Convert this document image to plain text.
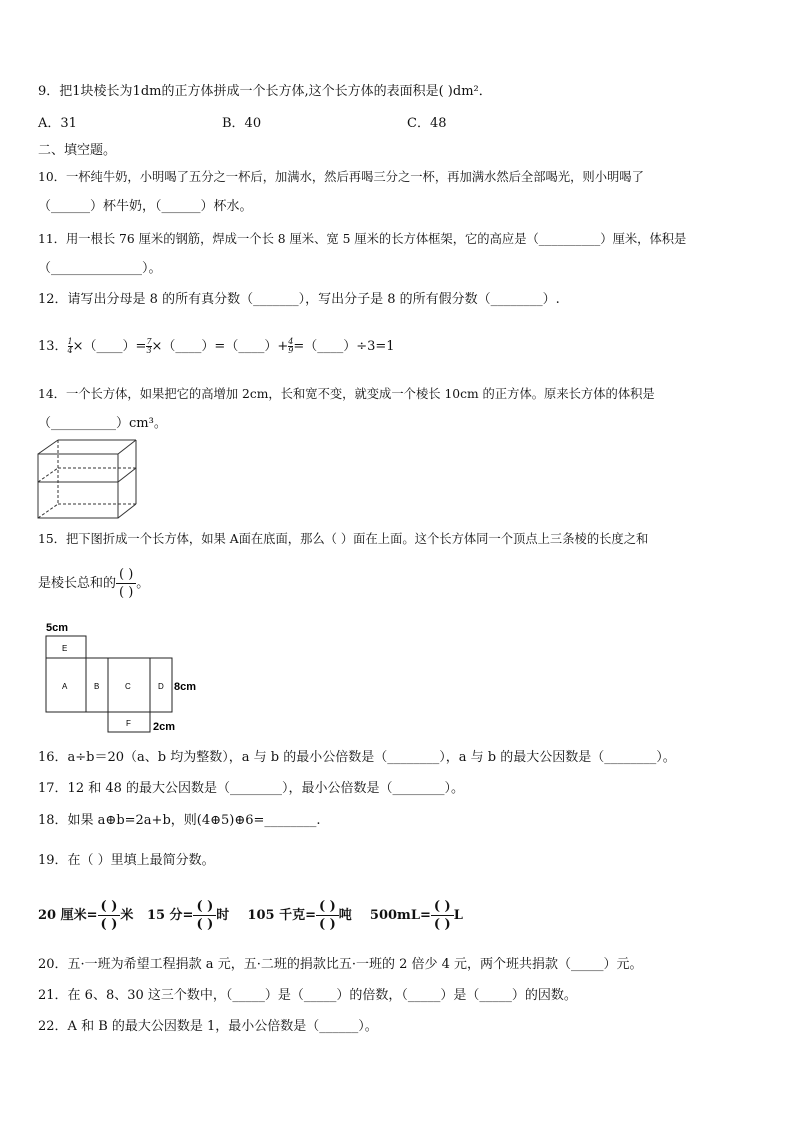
9．把1块棱长为1dm的正方体拼成一个长方体,这个长方体的表面积是( )dm²．
A．31	B．40	C．48
二、填空题。
10．一杯纯牛奶，小明喝了五分之一杯后，加满水，然后再喝三分之一杯，再加满水然后全部喝光，则小明喝了
（______）杯牛奶，（______）杯水。
11．用一根长 76 厘米的钢筋，焊成一个长 8 厘米、宽 5 厘米的长方体框架，它的高应是（__________）厘米，体积是
（______________）。
12．请写出分母是 8 的所有真分数（_______），写出分子是 8 的所有假分数（________）.
13． $\frac{1}{4}$ ×（____）= $\frac{7}{3}$ ×（____）=（____）+ $\frac{4}{9}$ =（____）÷3=1
14．一个长方体，如果把它的高增加 2cm，长和宽不变，就变成一个棱长 10cm 的正方体。原来长方体的体积是
（__________）cm³。
15．把下图折成一个长方体，如果 A面在底面，那么（ ）面在上面。这个长方体同一个顶点上三条棱的长度之和
是棱长总和的 $\frac{( )}{( )}$ 。
5cm
8cm
2cm
E
A	B	C	D
F
16．a÷b＝20（a、b 均为整数），a 与 b 的最小公倍数是（________），a 与 b 的最大公因数是（________）。
17．12 和 48 的最大公因数是（________），最小公倍数是（________）。
18．如果 a⊕b=2a+b，则(4⊕5)⊕6=________.
19．在（ ）里填上最简分数。
20 厘米= $\frac{( )}{( )}$ 米 15 分= $\frac{( )}{( )}$ 时 105 千克= $\frac{( )}{( )}$ 吨 $500mL= \frac{( )}{( )}$ L
20．五·一班为希望工程捐款 a 元，五·二班的捐款比五·一班的 2 倍少 4 元，两个班共捐款（_____）元。
21．在 6、8、30 这三个数中，（_____）是（_____）的倍数，（_____）是（_____）的因数。
22．A 和 B 的最大公因数是 1，最小公倍数是（______）。
